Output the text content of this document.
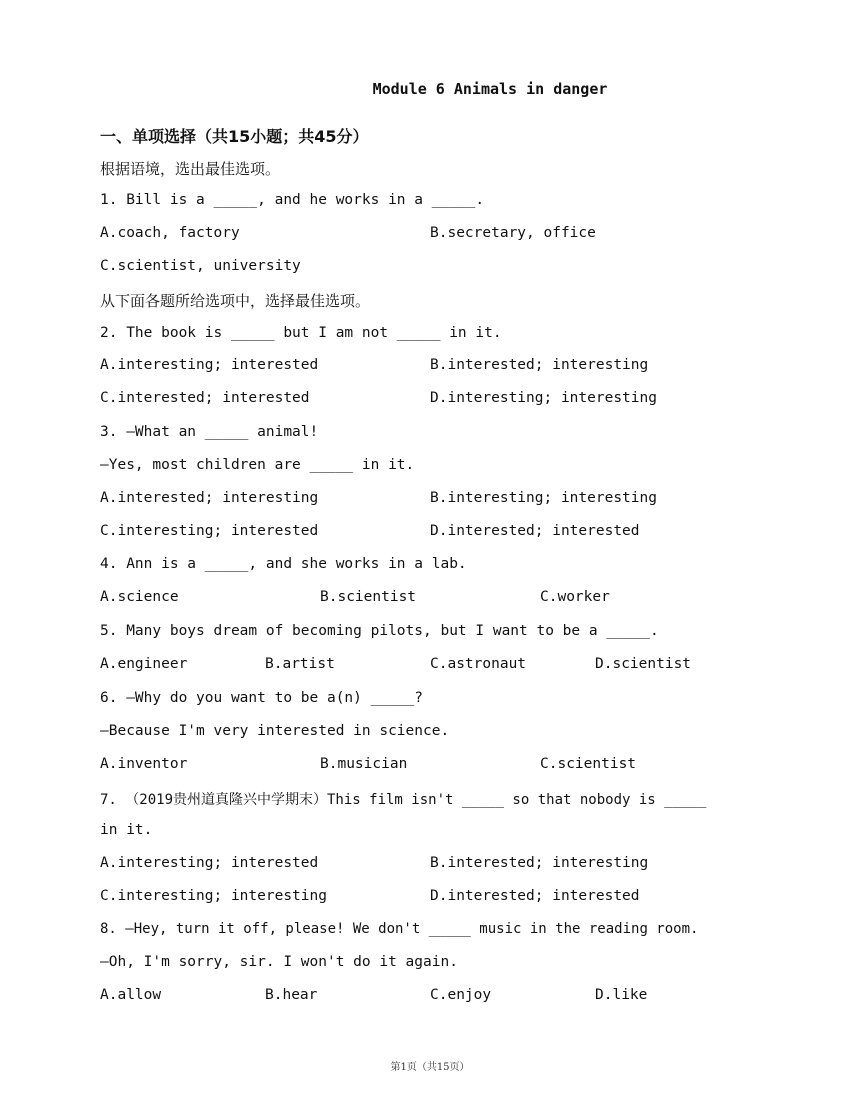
Module 6 Animals in danger
一、单项选择（共15小题；共45分）
根据语境，选出最佳选项。
1. Bill is a _____, and he works in a _____.
A.coach, factory	B.secretary, office
C.scientist, university
从下面各题所给选项中，选择最佳选项。
2. The book is _____ but I am not _____ in it.
A.interesting; interested	B.interested; interesting
C.interested; interested	D.interesting; interesting
3. —What an _____ animal!
—Yes, most children are _____ in it.
A.interested; interesting	B.interesting; interesting
C.interesting; interested	D.interested; interested
4. Ann is a _____, and she works in a lab.
A.science	B.scientist	C.worker
5. Many boys dream of becoming pilots, but I want to be a _____.
A.engineer	B.artist	C.astronaut	D.scientist
6. —Why do you want to be a(n) _____?
—Because I'm very interested in science.
A.inventor	B.musician	C.scientist
7. （2019贵州道真隆兴中学期末）This film isn't _____ so that nobody is _____
in it.
A.interesting; interested	B.interested; interesting
C.interesting; interesting	D.interested; interested
8. —Hey, turn it off, please! We don't _____ music in the reading room.
—Oh, I'm sorry, sir. I won't do it again.
A.allow	B.hear	C.enjoy	D.like
第1页（共15页）
